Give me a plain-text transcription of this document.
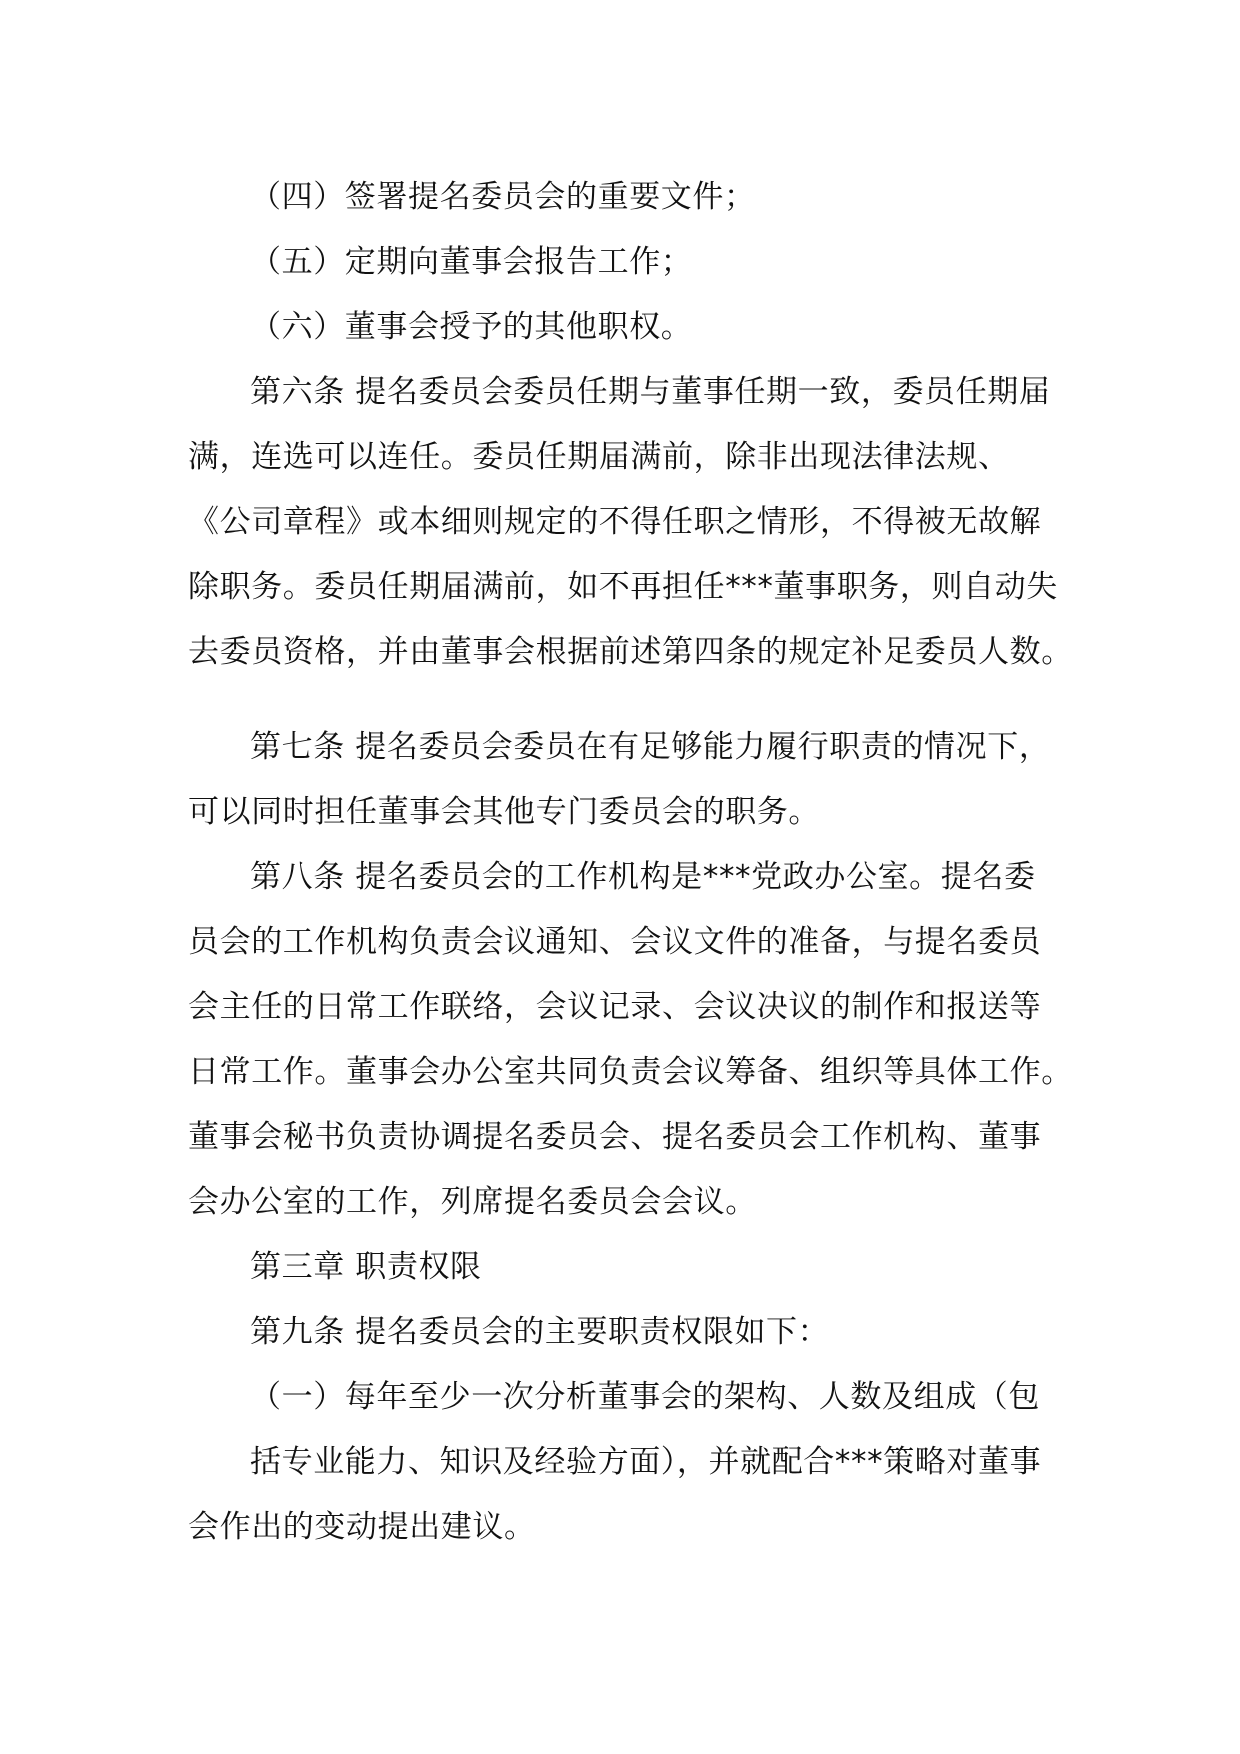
（四）签署提名委员会的重要文件；
（五）定期向董事会报告工作；
（六）董事会授予的其他职权。
第六条 提名委员会委员任期与董事任期一致，委员任期届
满，连选可以连任。委员任期届满前，除非出现法律法规、
《公司章程》或本细则规定的不得任职之情形，不得被无故解
除职务。委员任期届满前，如不再担任***董事职务，则自动失
去委员资格，并由董事会根据前述第四条的规定补足委员人数。
第七条 提名委员会委员在有足够能力履行职责的情况下，
可以同时担任董事会其他专门委员会的职务。
第八条 提名委员会的工作机构是***党政办公室。提名委
员会的工作机构负责会议通知、会议文件的准备，与提名委员
会主任的日常工作联络，会议记录、会议决议的制作和报送等
日常工作。董事会办公室共同负责会议筹备、组织等具体工作。
董事会秘书负责协调提名委员会、提名委员会工作机构、董事
会办公室的工作，列席提名委员会会议。
第三章 职责权限
第九条 提名委员会的主要职责权限如下：
（一）每年至少一次分析董事会的架构、人数及组成（包
括专业能力、知识及经验方面），并就配合***策略对董事
会作出的变动提出建议。
